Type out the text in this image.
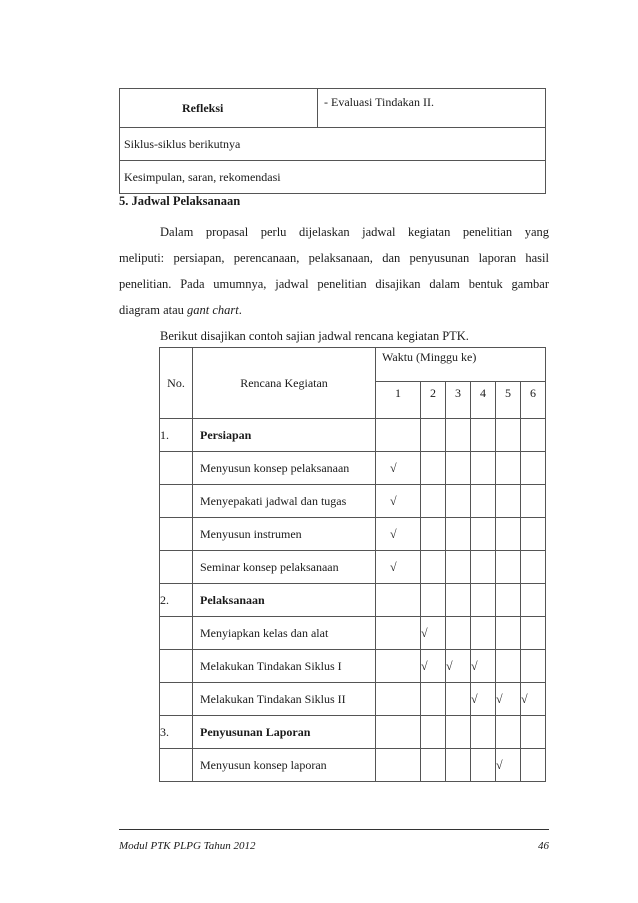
Refleksi	- Evaluasi Tindakan II.
Siklus-siklus berikutnya
Kesimpulan, saran, rekomendasi

5. Jadwal Pelaksanaan

Dalam propasal perlu dijelaskan jadwal kegiatan penelitian yang
meliputi: persiapan, perencanaan, pelaksanaan, dan penyusunan laporan hasil
penelitian. Pada umumnya, jadwal penelitian disajikan dalam bentuk gambar

diagram atau gant chart.

Berikut disajikan contoh sajian jadwal rencana kegiatan PTK.

No.	Rencana Kegiatan	Waktu (Minggu ke)					
		1	2	3	4	5	6
1.	Persiapan						
	Menyusun konsep pelaksanaan	√					
	Menyepakati jadwal dan tugas	√					
	Menyusun instrumen	√					
	Seminar konsep pelaksanaan	√					
2.	Pelaksanaan						
	Menyiapkan kelas dan alat		√				
	Melakukan Tindakan Siklus I		√	√	√		
	Melakukan Tindakan Siklus II				√	√	√
3.	Penyusunan Laporan						
	Menyusun konsep laporan					√	
Modul PTK PLPG Tahun 2012	46
